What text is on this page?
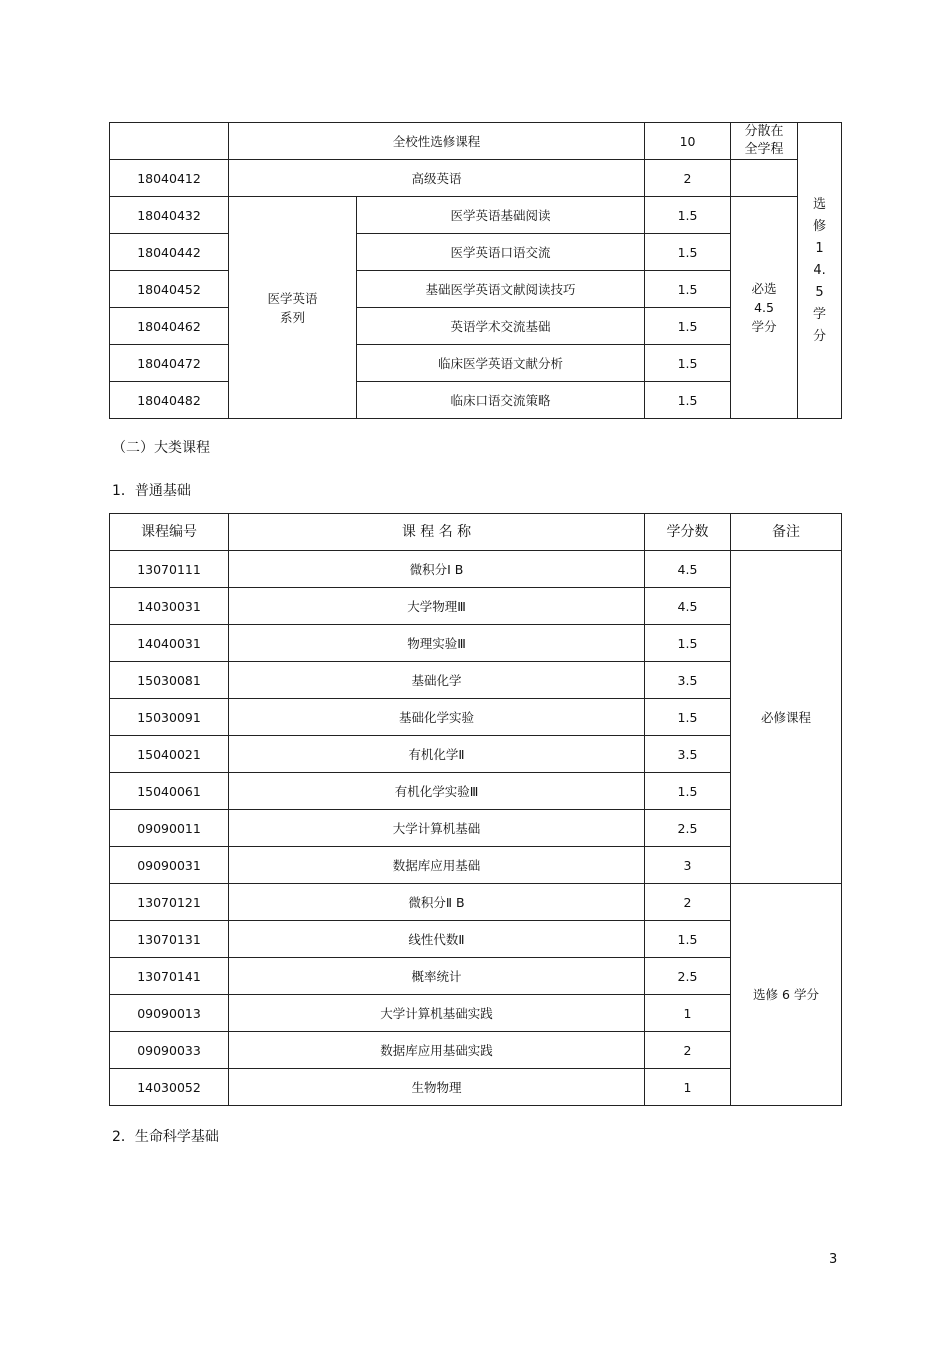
	全校性选修课程		10	分散在全学程	选修14.5学分

18040412	高级英语		2		
18040432	医学英语系列	医学英语基础阅读	1.5	必选4.5学分	

18040442		医学英语口语交流	1.5		
18040452		基础医学英语文献阅读技巧	1.5		
18040462		英语学术交流基础	1.5		
18040472		临床医学英语文献分析	1.5		
18040482		临床口语交流策略	1.5		
（二）大类课程
1．普通基础
课程编号	课 程 名 称	学分数	备注
13070111	微积分Ⅰ B	4.5	必修课程
14030031	大学物理Ⅲ	4.5	
14040031	物理实验Ⅲ	1.5	
15030081	基础化学	3.5	
15030091	基础化学实验	1.5	
15040021	有机化学Ⅱ	3.5	
15040061	有机化学实验Ⅲ	1.5	
09090011	大学计算机基础	2.5	
09090031	数据库应用基础	3	
13070121	微积分Ⅱ B	2	选修 6 学分
13070131	线性代数Ⅱ	1.5	
13070141	概率统计	2.5	
09090013	大学计算机基础实践	1	
09090033	数据库应用基础实践	2	
14030052	生物物理	1	
2．生命科学基础
3
